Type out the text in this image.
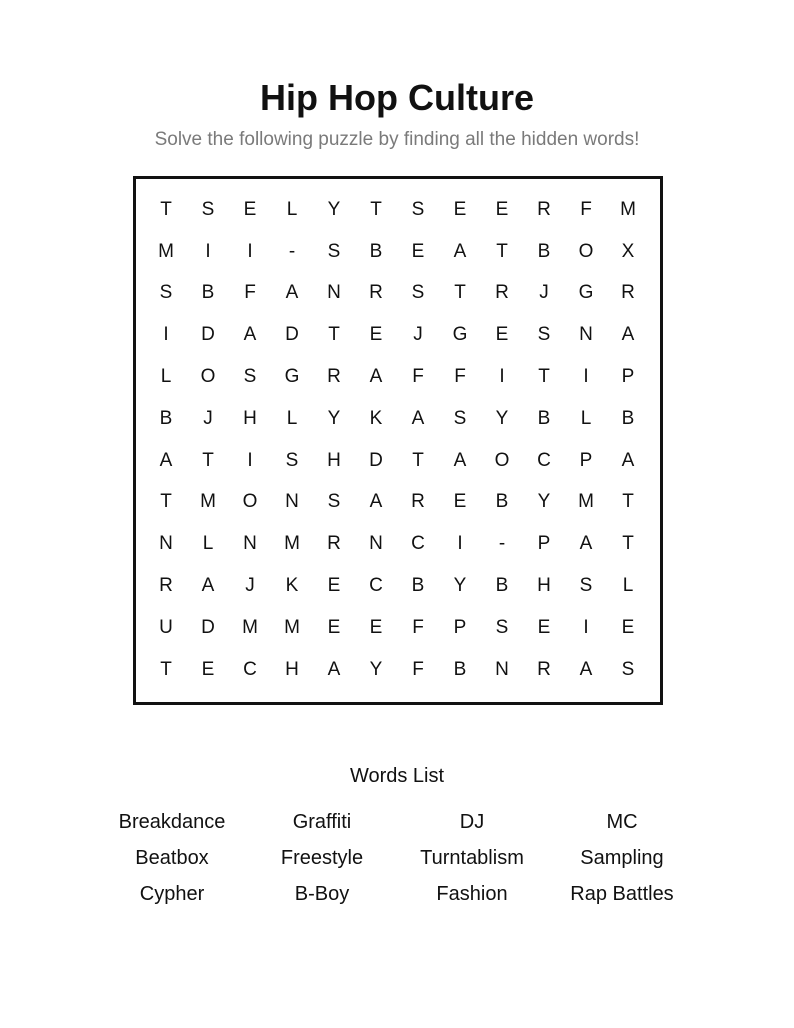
Hip Hop Culture

Solve the following puzzle by finding all the hidden words!

T	S	E	L	Y	T	S	E	E	R	F	M
M	I	I	-	S	B	E	A	T	B	O	X
S	B	F	A	N	R	S	T	R	J	G	R
I	D	A	D	T	E	J	G	E	S	N	A
L	O	S	G	R	A	F	F	I	T	I	P
B	J	H	L	Y	K	A	S	Y	B	L	B
A	T	I	S	H	D	T	A	O	C	P	A
T	M	O	N	S	A	R	E	B	Y	M	T
N	L	N	M	R	N	C	I	-	P	A	T
R	A	J	K	E	C	B	Y	B	H	S	L
U	D	M	M	E	E	F	P	S	E	I	E
T	E	C	H	A	Y	F	B	N	R	A	S
Words List
Breakdance	Graffiti	DJ	MC
Beatbox	Freestyle	Turntablism	Sampling
Cypher	B-Boy	Fashion	Rap Battles
